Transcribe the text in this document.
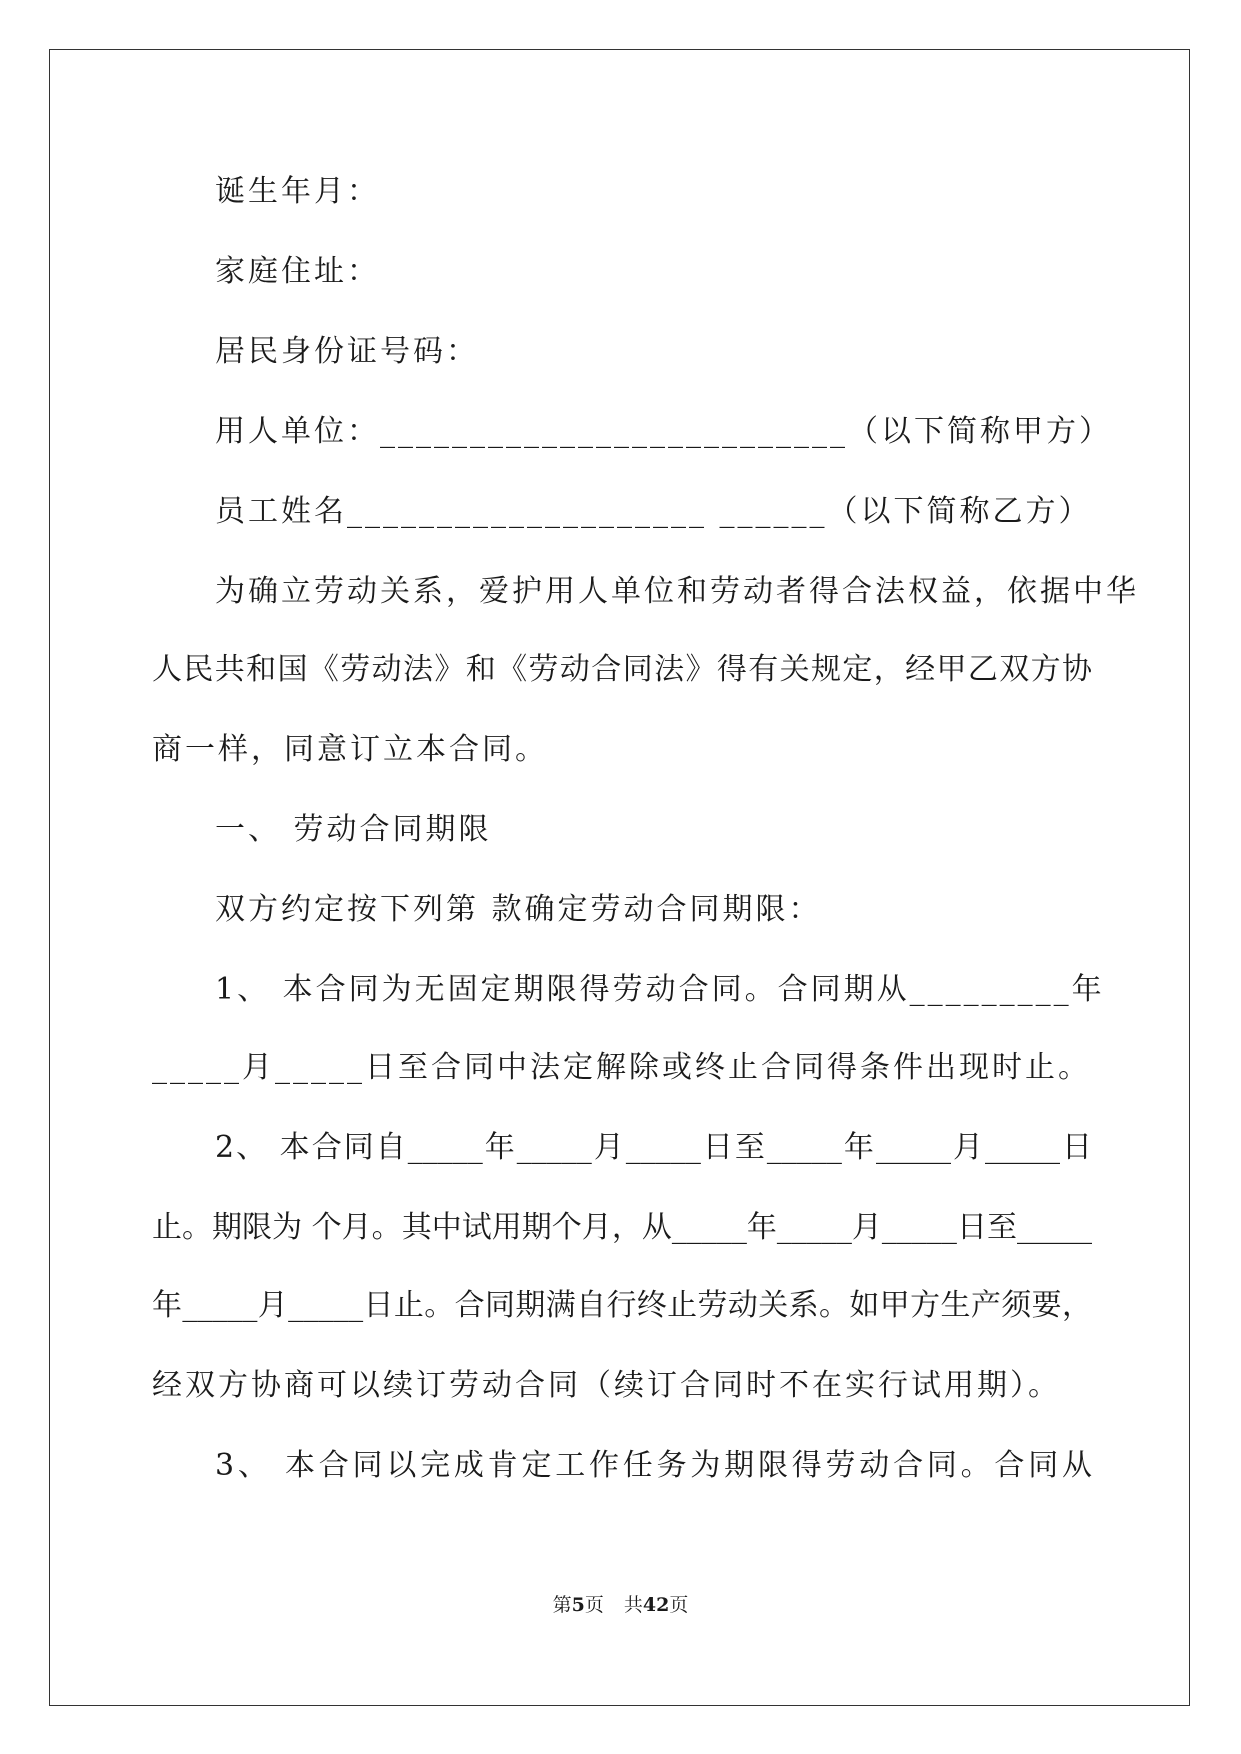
诞生年月：
家庭住址：
居民身份证号码：
用人单位：__________________________（以下简称甲方）
员工姓名____________________ ______（以下简称乙方）
为确立劳动关系，爱护用人单位和劳动者得合法权益，依据中华
人民共和国《劳动法》和《劳动合同法》得有关规定，经甲乙双方协
商一样，同意订立本合同。
一、 劳动合同期限
双方约定按下列第 款确定劳动合同期限：
1、 本合同为无固定期限得劳动合同。合同期从_________年
_____月_____日至合同中法定解除或终止合同得条件出现时止。
2、 本合同自_____年_____月_____日至_____年_____月_____日
止。期限为 个月。其中试用期个月，从_____年_____月_____日至_____
年_____月_____日止。合同期满自行终止劳动关系。如甲方生产须要，
经双方协商可以续订劳动合同（续订合同时不在实行试用期）。
3、 本合同以完成肯定工作任务为期限得劳动合同。合同从
第5页 共42页
